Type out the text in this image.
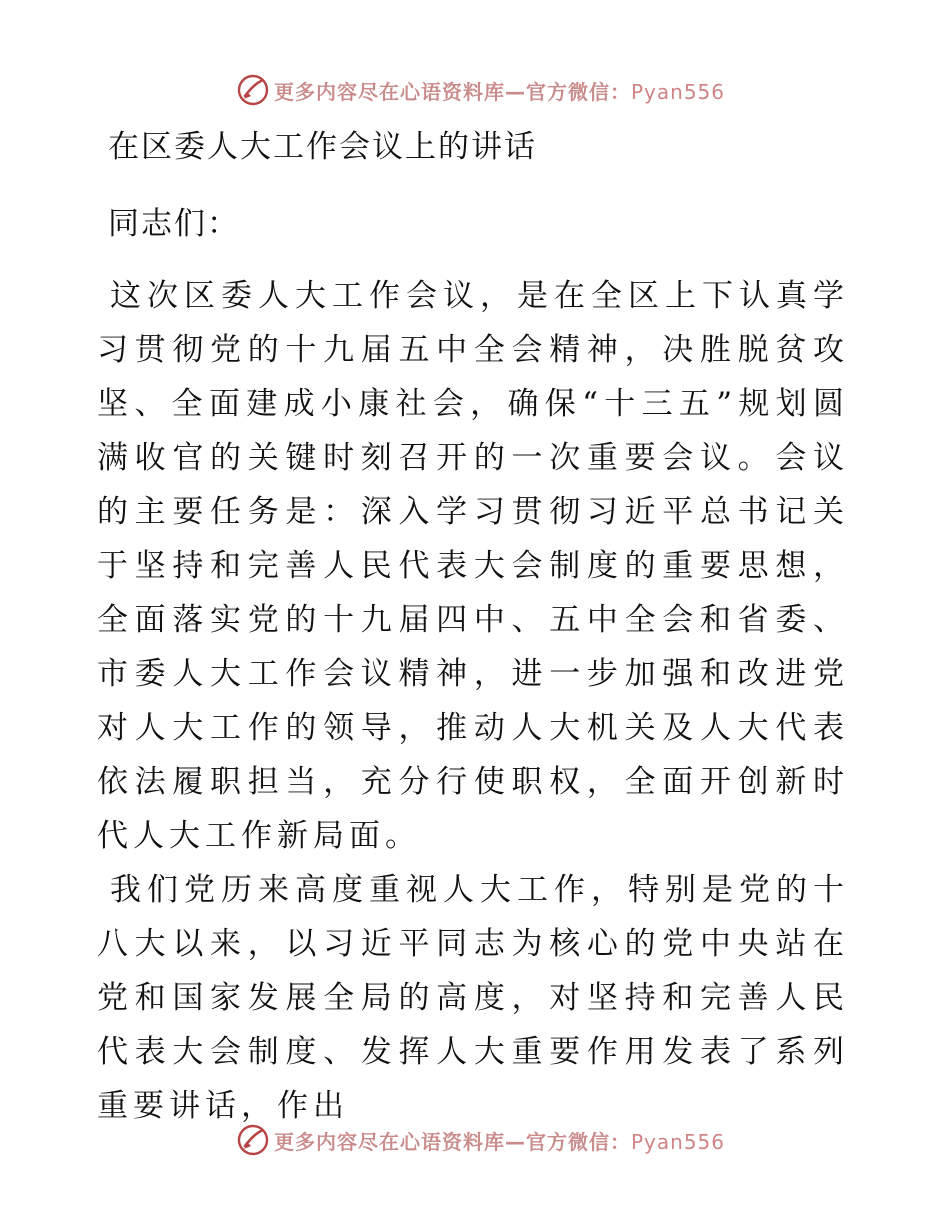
更多内容尽在心语资料库—官方微信：Pyan556
在区委人大工作会议上的讲话
同志们：

这次区委人大工作会议，是在全区上下认真学习贯彻党的十九届五中全会精神，决胜脱贫攻坚、全面建成小康社会，确保“十三五”规划圆满收官的关键时刻召开的一次重要会议。会议的主要任务是：深入学习贯彻习近平总书记关于坚持和完善人民代表大会制度的重要思想，全面落实党的十九届四中、五中全会和省委、市委人大工作会议精神，进一步加强和改进党对人大工作的领导，推动人大机关及人大代表依法履职担当，充分行使职权，全面开创新时代人大工作新局面。

我们党历来高度重视人大工作，特别是党的十八大以来，以习近平同志为核心的党中央站在党和国家发展全局的高度，对坚持和完善人民代表大会制度、发挥人大重要作用发表了系列重要讲话，作出

更多内容尽在心语资料库—官方微信：Pyan556
